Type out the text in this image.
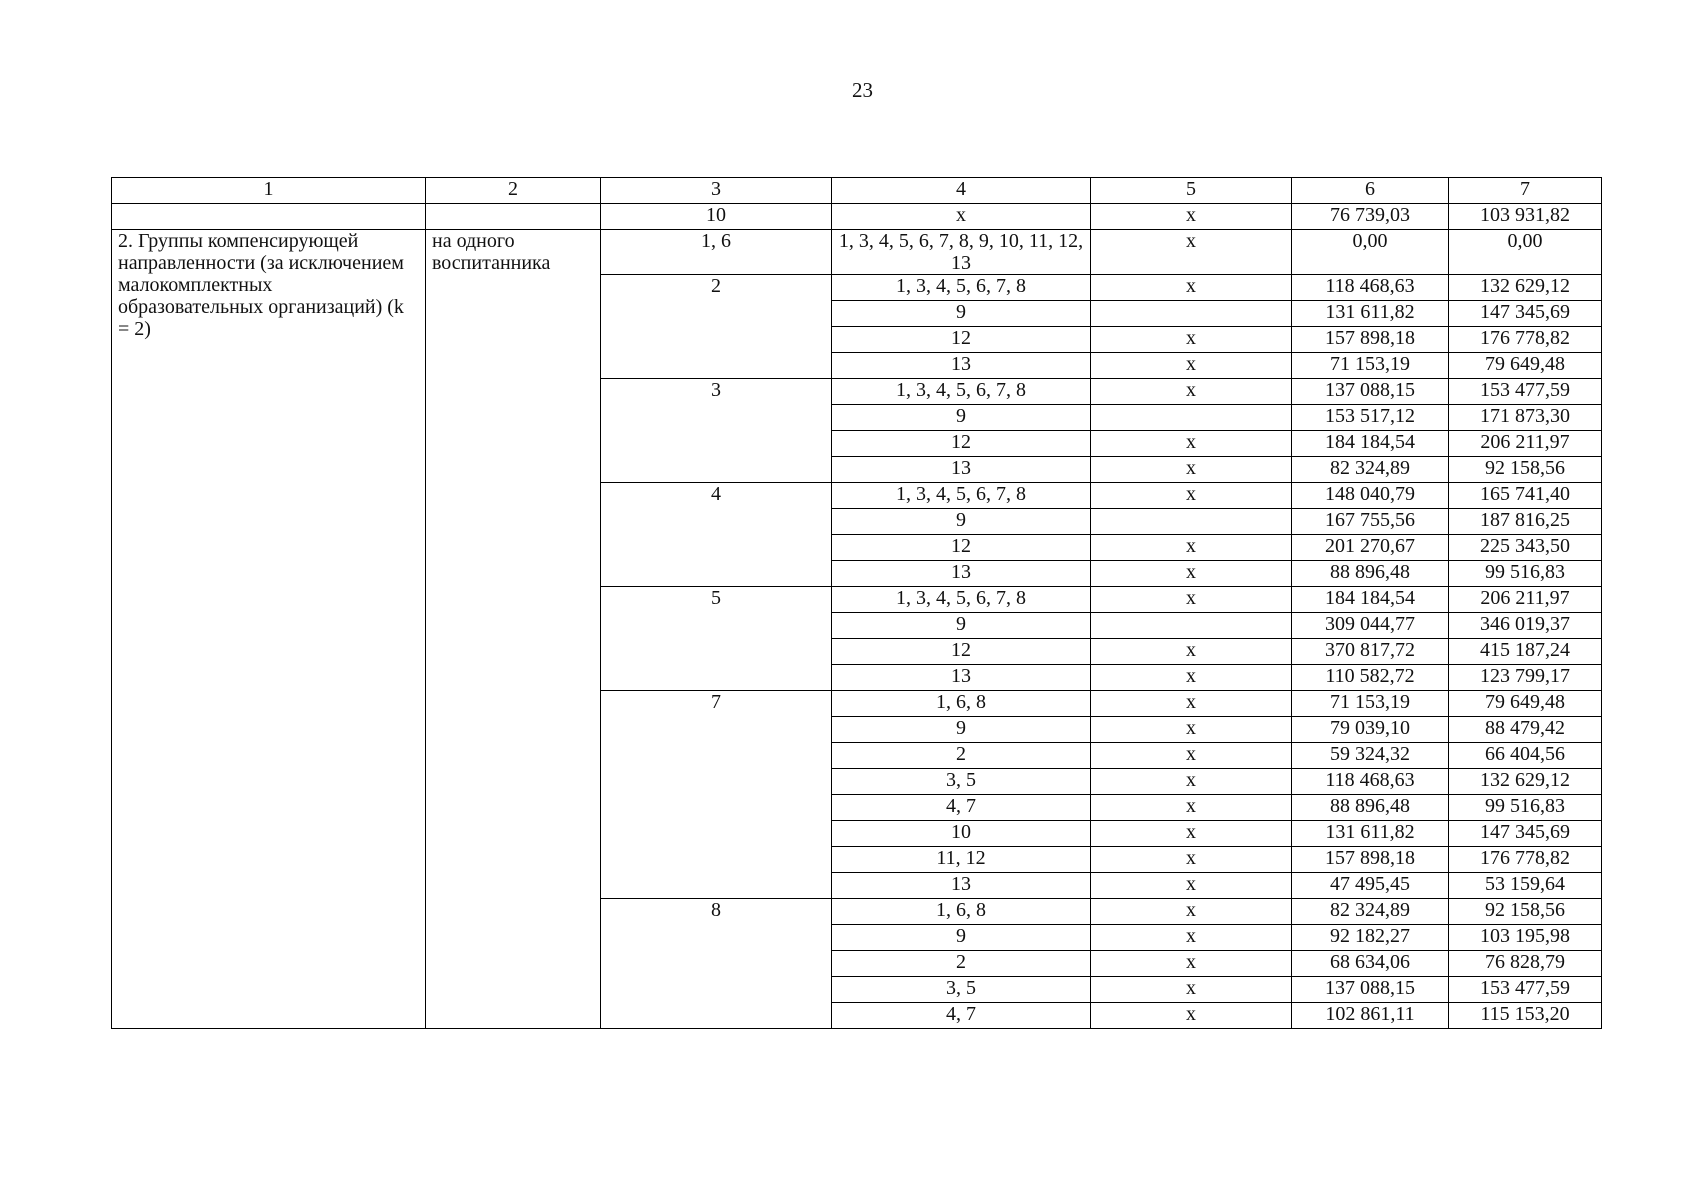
23
1	2	3	4	5	6	7
		10	х	х	76 739,03	103 931,82
2. Группы компенсирующей направленности (за исключением малокомплектных образовательных организаций) (k = 2)	на одного воспитанника	1, 6	1, 3, 4, 5, 6, 7, 8, 9, 10, 11, 12, 13	х	0,00	0,00
		2	1, 3, 4, 5, 6, 7, 8	х	118 468,63	132 629,12
			9		131 611,82	147 345,69
			12	х	157 898,18	176 778,82
			13	х	71 153,19	79 649,48
		3	1, 3, 4, 5, 6, 7, 8	х	137 088,15	153 477,59
			9		153 517,12	171 873,30
			12	х	184 184,54	206 211,97
			13	х	82 324,89	92 158,56
		4	1, 3, 4, 5, 6, 7, 8	х	148 040,79	165 741,40
			9		167 755,56	187 816,25
			12	х	201 270,67	225 343,50
			13	х	88 896,48	99 516,83
		5	1, 3, 4, 5, 6, 7, 8	х	184 184,54	206 211,97
			9		309 044,77	346 019,37
			12	х	370 817,72	415 187,24
			13	х	110 582,72	123 799,17
		7	1, 6, 8	х	71 153,19	79 649,48
			9	х	79 039,10	88 479,42
			2	х	59 324,32	66 404,56
			3, 5	х	118 468,63	132 629,12
			4, 7	х	88 896,48	99 516,83
			10	х	131 611,82	147 345,69
			11, 12	х	157 898,18	176 778,82
			13	х	47 495,45	53 159,64
		8	1, 6, 8	х	82 324,89	92 158,56
			9	х	92 182,27	103 195,98
			2	х	68 634,06	76 828,79
			3, 5	х	137 088,15	153 477,59
			4, 7	х	102 861,11	115 153,20
